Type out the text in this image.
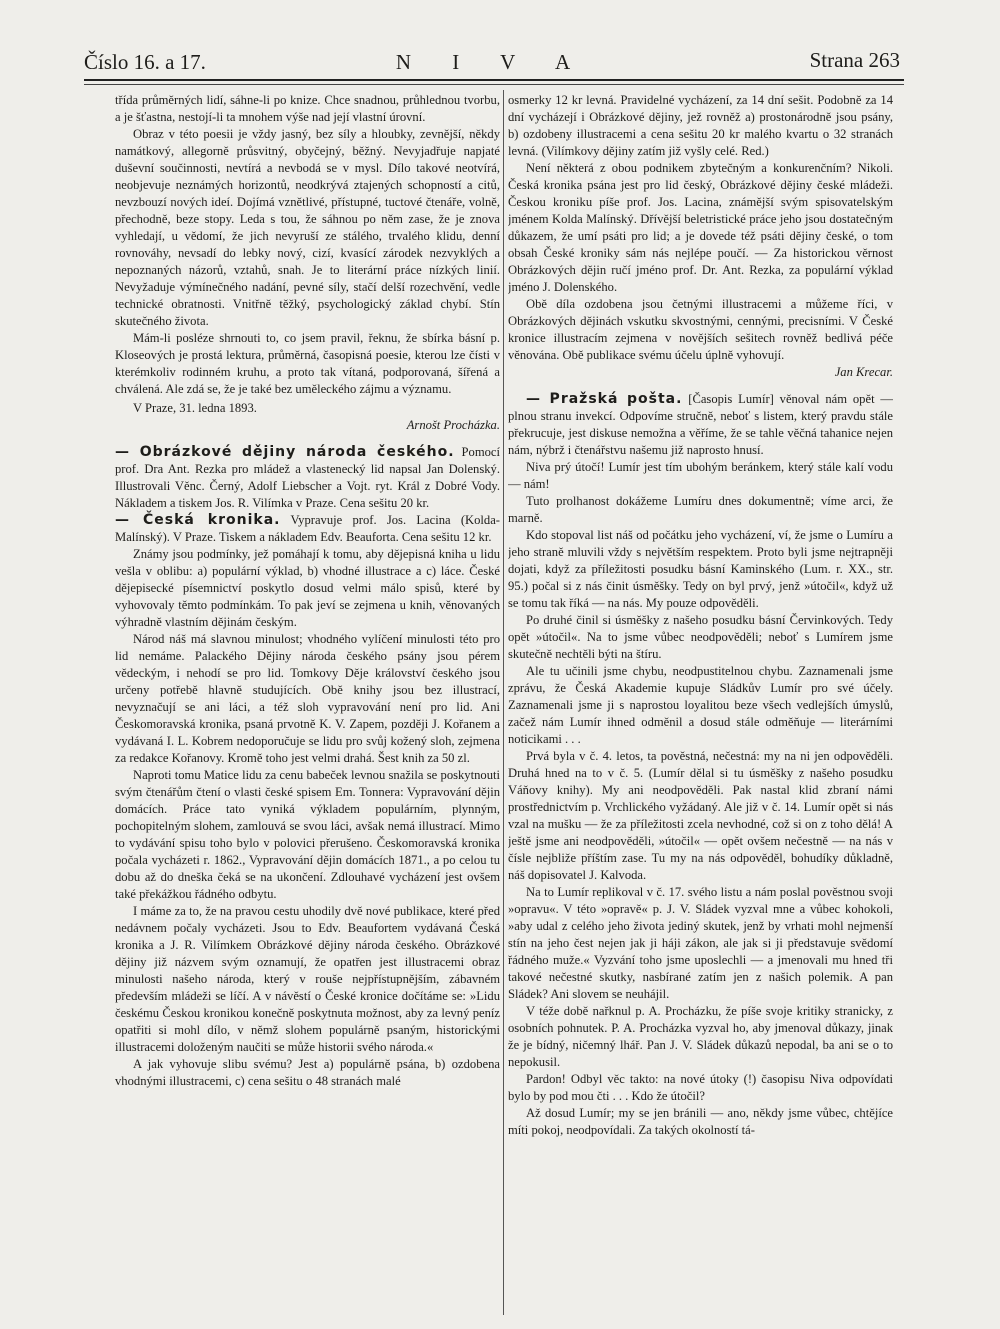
Číslo 16. a 17.	N I V A	Strana 263

třída průměrných lidí, sáhne-li po knize. Chce snadnou, průhlednou tvorbu, a je šťastna, nestojí-li ta mnohem výše nad její vlastní úrovní.

Obraz v této poesii je vždy jasný, bez síly a hloubky, zevnější, někdy namátkový, allegorně průsvitný, obyčejný, běžný. Nevyjadřuje napjaté duševní součinnosti, nevtírá a nevbodá se v mysl. Dílo takové neotvírá, neobjevuje neznámých horizontů, neodkrývá ztajených schopností a citů, nevzbouzí nových ideí. Dojímá vznětlivé, přístupné, tuctové čtenáře, volně, přechodně, beze stopy. Leda s tou, že sáhnou po něm zase, že je znova vyhledají, u vědomí, že jich nevyruší ze stálého, trvalého klidu, denní rovnováhy, nevsadí do lebky nový, cizí, kvasící zárodek nezvyklých a nepoznaných názorů, vztahů, snah. Je to literární práce nízkých linií. Nevyžaduje výmínečného nadání, pevné síly, stačí delší rozechvění, vedle technické obratnosti. Vnitřně těžký, psychologický základ chybí. Stín skutečného života.

Mám-li posléze shrnouti to, co jsem pravil, řeknu, že sbírka básní p. Kloseových je prostá lektura, průměrná, časopisná poesie, kterou lze čísti v kterémkoliv rodinném kruhu, a proto tak vítaná, podporovaná, šířená a chválená. Ale zdá se, že je také bez uměleckého zájmu a významu.

V Praze, 31. ledna 1893.

Arnošt Procházka.

— Obrázkové dějiny národa českého. Pomocí prof. Dra Ant. Rezka pro mládež a vlastenecký lid napsal Jan Dolenský. Illustrovali Věnc. Černý, Adolf Liebscher a Vojt. ryt. Král z Dobré Vody. Nákladem a tiskem Jos. R. Vilímka v Praze. Cena sešitu 20 kr.

— Česká kronika. Vypravuje prof. Jos. Lacina (Kolda-Malínský). V Praze. Tiskem a nákladem Edv. Beauforta. Cena sešitu 12 kr.

Známy jsou podmínky, jež pomáhají k tomu, aby dějepisná kniha u lidu vešla v oblibu: a) populární výklad, b) vhodné illustrace a c) láce. České dějepisecké písemnictví poskytlo dosud velmi málo spisů, které by vyhovovaly těmto podmínkám. To pak jeví se zejmena u knih, věnovaných výhradně vlastním dějinám českým.

Národ náš má slavnou minulost; vhodného vylíčení minulosti této pro lid nemáme. Palackého Dějiny národa českého psány jsou pérem vědeckým, i nehodí se pro lid. Tomkovy Děje království českého jsou určeny potřebě hlavně studujících. Obě knihy jsou bez illustrací, nevyznačují se ani láci, a též sloh vypravování není pro lid. Ani Českomoravská kronika, psaná prvotně K. V. Zapem, později J. Kořanem a vydávaná I. L. Kobrem nedoporučuje se lidu pro svůj kožený sloh, zejmena za redakce Kořanovy. Kromě toho jest velmi drahá. Šest knih za 50 zl.

Naproti tomu Matice lidu za cenu babeček levnou snažila se poskytnouti svým čtenářům čtení o vlasti české spisem Em. Tonnera: Vypravování dějin domácích. Práce tato vyniká výkladem populárním, plynným, pochopitelným slohem, zamlouvá se svou láci, avšak nemá illustrací. Mimo to vydávání spisu toho bylo v polovici přerušeno. Českomoravská kronika počala vycházeti r. 1862., Vypravování dějin domácích 1871., a po celou tu dobu až do dneška čeká se na ukončení. Zdlouhavé vycházení jest ovšem také překážkou řádného odbytu.

I máme za to, že na pravou cestu uhodily dvě nové publikace, které před nedávnem počaly vycházeti. Jsou to Edv. Beaufortem vydávaná Česká kronika a J. R. Vilímkem Obrázkové dějiny národa českého. Obrázkové dějiny již názvem svým oznamují, že opatřen jest illustracemi obraz minulosti našeho národa, který v rouše nejpřístupnějším, zábavném především mládeži se líčí. A v návěstí o České kronice dočítáme se: »Lidu českému Českou kronikou konečně poskytnuta možnost, aby za levný peníz opatřiti si mohl dílo, v němž slohem populárně psaným, historickými illustracemi doloženým naučiti se může historii svého národa.«

A jak vyhovuje slibu svému? Jest a) populárně psána, b) ozdobena vhodnými illustracemi, c) cena sešitu o 48 stranách malé

osmerky 12 kr levná. Pravidelné vycházení, za 14 dní sešit. Podobně za 14 dní vycházejí i Obrázkové dějiny, jež rovněž a) prostonárodně jsou psány, b) ozdobeny illustracemi a cena sešitu 20 kr malého kvartu o 32 stranách levná. (Vilímkovy dějiny zatím již vyšly celé. Red.)

Není některá z obou podnikem zbytečným a konkurenčním? Nikoli. Česká kronika psána jest pro lid český, Obrázkové dějiny české mládeži. Českou kroniku píše prof. Jos. Lacina, známější svým spisovatelským jménem Kolda Malínský. Dřívější beletristické práce jeho jsou dostatečným důkazem, že umí psáti pro lid; a je dovede též psáti dějiny české, o tom obsah České kroniky sám nás nejlépe poučí. — Za historickou věrnost Obrázkových dějin ručí jméno prof. Dr. Ant. Rezka, za populární výklad jméno J. Dolenského.

Obě díla ozdobena jsou četnými illustracemi a můžeme říci, v Obrázkových dějinách vskutku skvostnými, cennými, precisními. V České kronice illustracím zejmena v novějších sešitech rovněž bedlivá péče věnována. Obě publikace svému účelu úplně vyhovují.

Jan Krecar.

— Pražská pošta. [Časopis Lumír] věnoval nám opět — plnou stranu invekcí. Odpovíme stručně, neboť s listem, který pravdu stále překrucuje, jest diskuse nemožna a věříme, že se tahle věčná tahanice nejen nám, nýbrž i čtenářstvu našemu již naprosto hnusí.

Niva prý útočí! Lumír jest tím ubohým beránkem, který stále kalí vodu — nám!

Tuto prolhanost dokážeme Lumíru dnes dokumentně; víme arci, že marně.

Kdo stopoval list náš od počátku jeho vycházení, ví, že jsme o Lumíru a jeho straně mluvili vždy s největším respektem. Proto byli jsme nejtrapněji dojati, když za příležitosti posudku básní Kaminského (Lum. r. XX., str. 95.) počal si z nás činit úsměšky. Tedy on byl prvý, jenž »útočil«, když už se tomu tak říká — na nás. My pouze odpověděli.

Po druhé činil si úsměšky z našeho posudku básní Červinkových. Tedy opět »útočil«. Na to jsme vůbec neodpověděli; neboť s Lumírem jsme skutečně nechtěli býti na štíru.

Ale tu učinili jsme chybu, neodpustitelnou chybu. Zaznamenali jsme zprávu, že Česká Akademie kupuje Sládkův Lumír pro své účely. Zaznamenali jsme ji s naprostou loyalitou beze všech vedlejších úmyslů, začež nám Lumír ihned odměnil a dosud stále odměňuje — literárními noticikami . . .

Prvá byla v č. 4. letos, ta pověstná, nečestná: my na ni jen odpověděli. Druhá hned na to v č. 5. (Lumír dělal si tu úsměšky z našeho posudku Váňovy knihy). My ani neodpověděli. Pak nastal klid zbraní námi prostřednictvím p. Vrchlického vyžádaný. Ale již v č. 14. Lumír opět si nás vzal na mušku — že za příležitosti zcela nevhodné, což si on z toho dělá! A ještě jsme ani neodpověděli, »útočil« — opět ovšem nečestně — na nás v čísle nejbliže příštím zase. Tu my na nás odpověděl, bohudíky důkladně, náš dopisovatel J. Kalvoda.

Na to Lumír replikoval v č. 17. svého listu a nám poslal pověstnou svoji »opravu«. V této »opravě« p. J. V. Sládek vyzval mne a vůbec kohokoli, »aby udal z celého jeho života jediný skutek, jenž by vrhati mohl nejmenší stín na jeho čest nejen jak ji háji zákon, ale jak si ji představuje svědomí řádného muže.« Vyzvání toho jsme uposlechli — a jmenovali mu hned tři takové nečestné skutky, nasbírané zatím jen z našich polemik. A pan Sládek? Ani slovem se neuhájil.

V téže době nařknul p. A. Procházku, že píše svoje kritiky stranicky, z osobních pohnutek. P. A. Procházka vyzval ho, aby jmenoval důkazy, jinak že je bídný, ničemný lhář. Pan J. V. Sládek důkazů nepodal, ba ani se o to nepokusil.

Pardon! Odbyl věc takto: na nové útoky (!) časopisu Niva odpovídati bylo by pod mou čti . . . Kdo že útočil?

Až dosud Lumír; my se jen bránili — ano, někdy jsme vůbec, chtějíce míti pokoj, neodpovídali. Za takých okolností tá-
